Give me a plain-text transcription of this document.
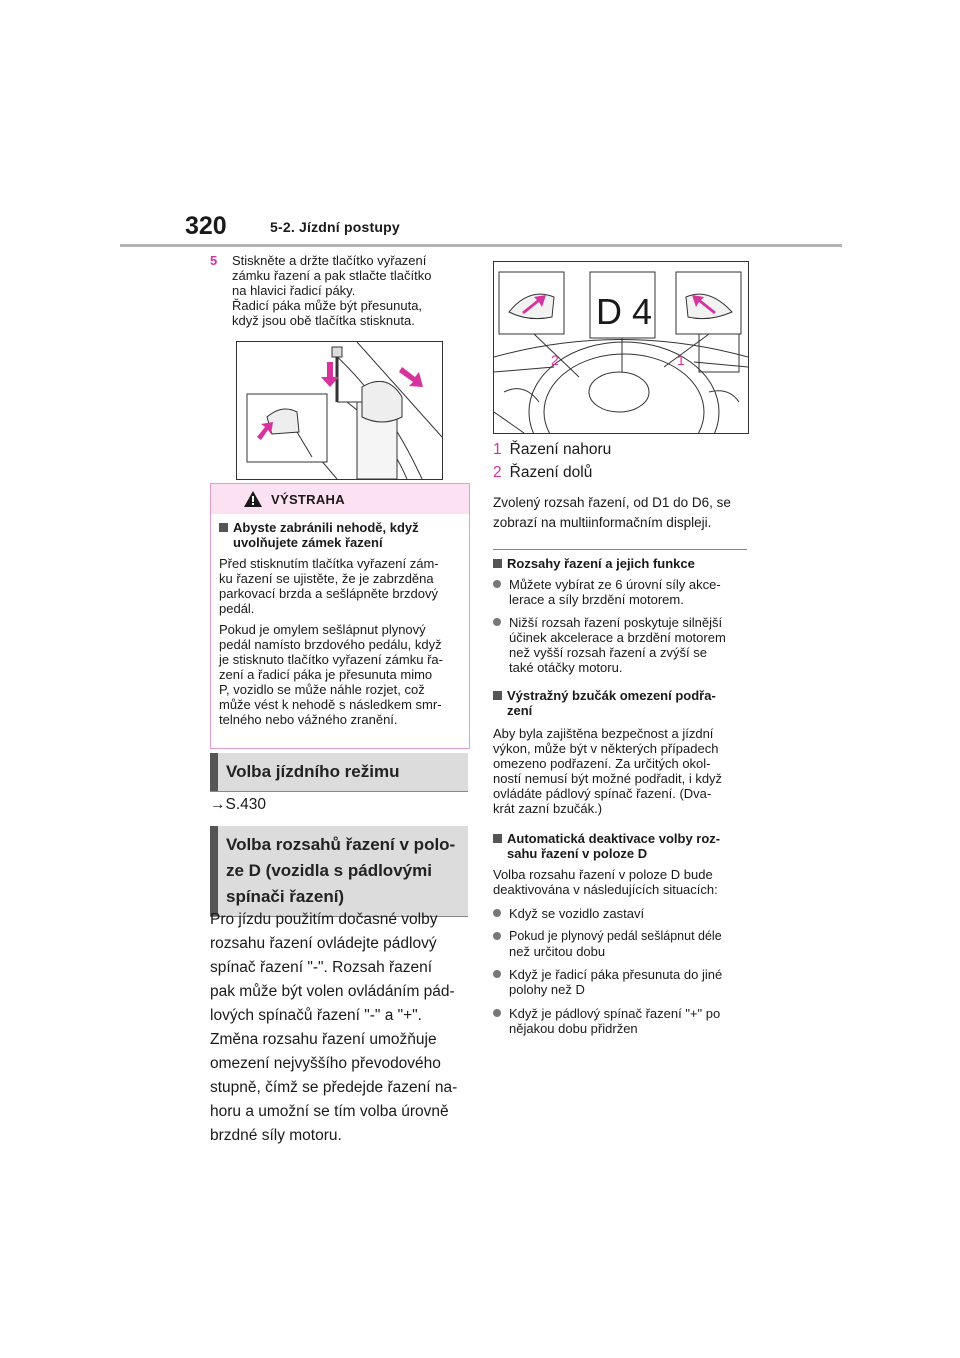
320	5-2. Jízdní postupy
5 Stiskněte a držte tlačítko vyřazení
zámku řazení a pak stlačte tlačítko
na hlavici řadicí páky.
Řadicí páka může být přesunuta,
když jsou obě tlačítka stisknuta.
VÝSTRAHA
Abyste zabránili nehodě, když
uvolňujete zámek řazení
Před stisknutím tlačítka vyřazení zám-
ku řazení se ujistěte, že je zabrzděna
parkovací brzda a sešlápněte brzdový
pedál.
Pokud je omylem sešlápnut plynový
pedál namísto brzdového pedálu, když
je stisknuto tlačítko vyřazení zámku řa-
zení a řadicí páka je přesunuta mimo
P, vozidlo se může náhle rozjet, což
může vést k nehodě s následkem smr-
telného nebo vážného zranění.
Volba jízdního režimu
→S.430
Volba rozsahů řazení v polo-
ze D (vozidla s pádlovými
spínači řazení)
Pro jízdu použitím dočasné volby
rozsahu řazení ovládejte pádlový
spínač řazení "-". Rozsah řazení
pak může být volen ovládáním pád-
lových spínačů řazení "-" a "+".
Změna rozsahu řazení umožňuje
omezení nejvyššího převodového
stupně, čímž se předejde řazení na-
horu a umožní se tím volba úrovně
brzdné síly motoru.
D 4
2	1
1 Řazení nahoru
2 Řazení dolů
Zvolený rozsah řazení, od D1 do D6, se
zobrazí na multiinformačním displeji.
Rozsahy řazení a jejich funkce
Můžete vybírat ze 6 úrovní síly akce-
lerace a síly brzdění motorem.
Nižší rozsah řazení poskytuje silnější
účinek akcelerace a brzdění motorem
než vyšší rozsah řazení a zvýší se
také otáčky motoru.
Výstražný bzučák omezení podřa-
zení
Aby byla zajištěna bezpečnost a jízdní
výkon, může být v některých případech
omezeno podřazení. Za určitých okol-
ností nemusí být možné podřadit, i když
ovládáte pádlový spínač řazení. (Dva-
krát zazní bzučák.)
Automatická deaktivace volby roz-
sahu řazení v poloze D
Volba rozsahu řazení v poloze D bude
deaktivována v následujících situacích:
Když se vozidlo zastaví
Pokud je plynový pedál sešlápnut déle
než určitou dobu
Když je řadicí páka přesunuta do jiné
polohy než D
Když je pádlový spínač řazení "+" po
nějakou dobu přidržen
